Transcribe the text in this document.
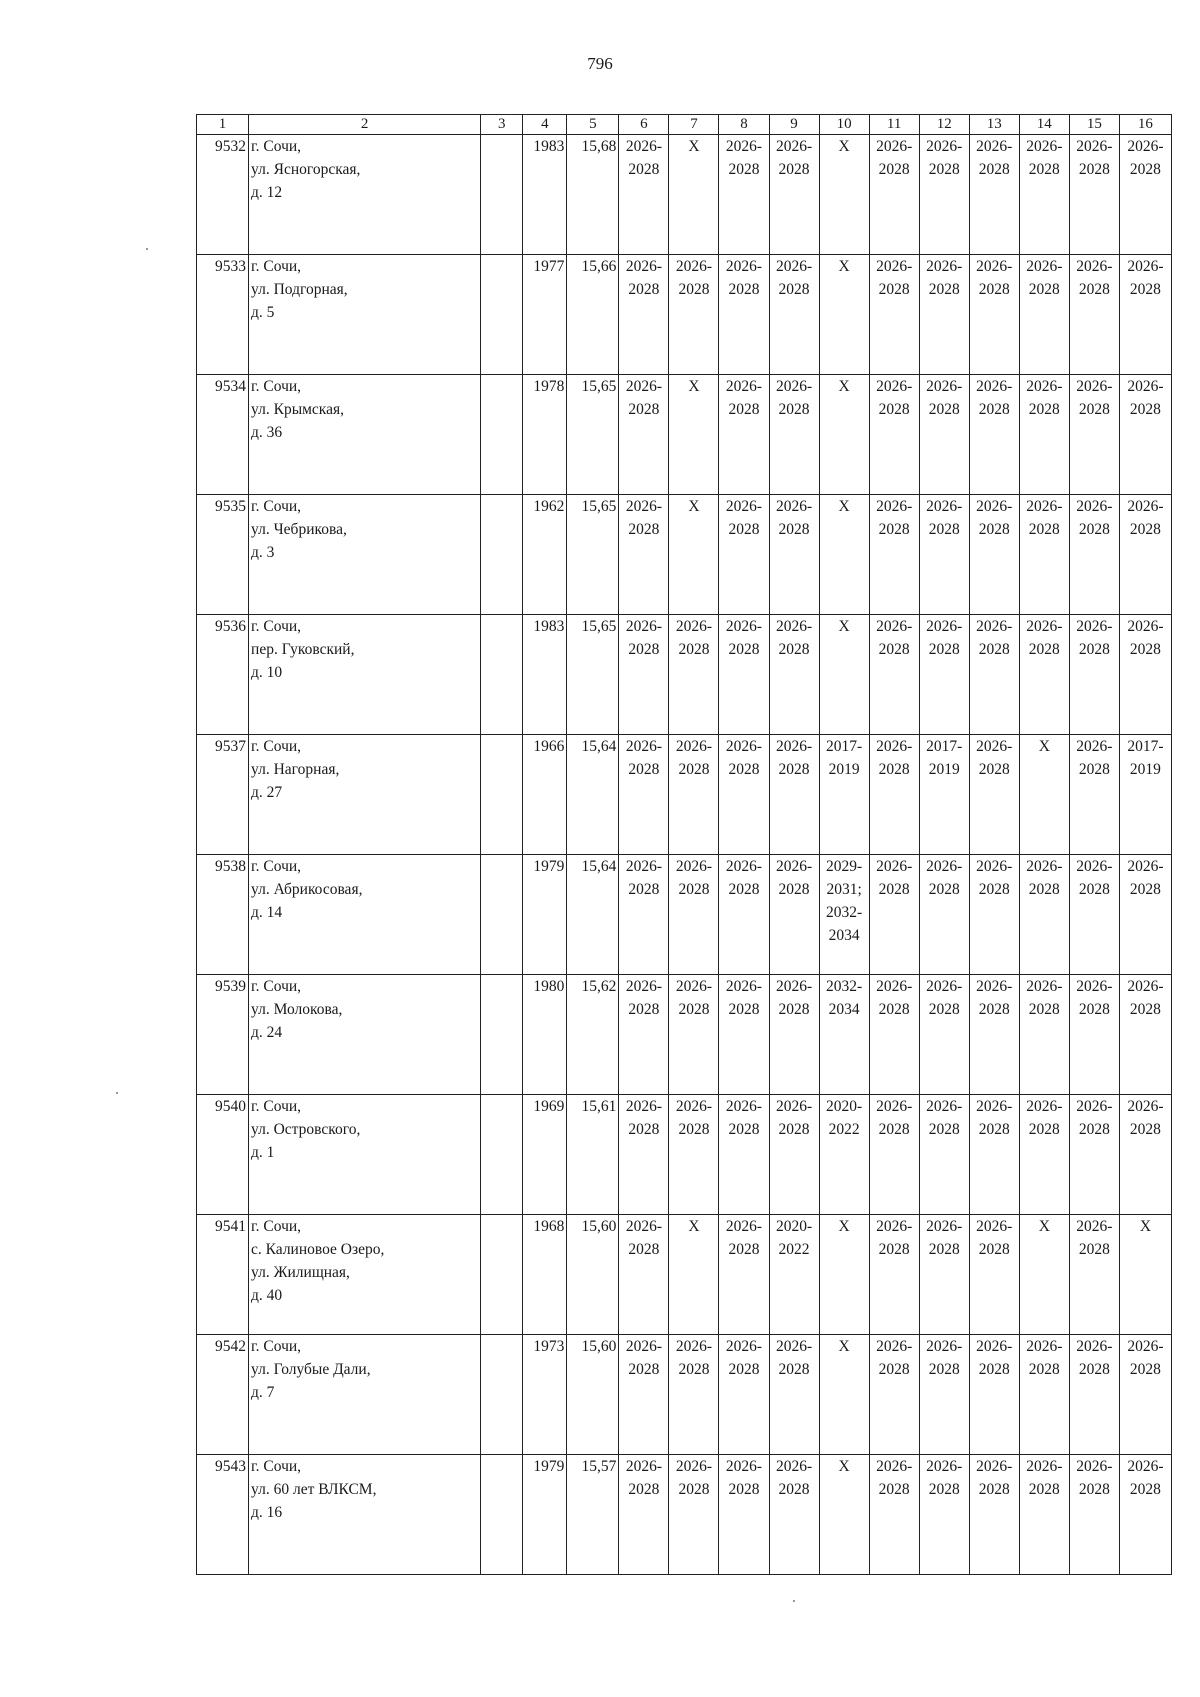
796
1	2	3	4	5	6	7	8	9	10	11	12	13	14	15	16
9532	г. Сочи,
ул. Ясногорская,
д. 12		1983	15,68	2026-
2028	X	2026-
2028	2026-
2028	X	2026-
2028	2026-
2028	2026-
2028	2026-
2028	2026-
2028	2026-
2028
9533	г. Сочи,
ул. Подгорная,
д. 5		1977	15,66	2026-
2028	2026-
2028	2026-
2028	2026-
2028	X	2026-
2028	2026-
2028	2026-
2028	2026-
2028	2026-
2028	2026-
2028
9534	г. Сочи,
ул. Крымская,
д. 36		1978	15,65	2026-
2028	X	2026-
2028	2026-
2028	X	2026-
2028	2026-
2028	2026-
2028	2026-
2028	2026-
2028	2026-
2028
9535	г. Сочи,
ул. Чебрикова,
д. 3		1962	15,65	2026-
2028	X	2026-
2028	2026-
2028	X	2026-
2028	2026-
2028	2026-
2028	2026-
2028	2026-
2028	2026-
2028
9536	г. Сочи,
пер. Гуковский,
д. 10		1983	15,65	2026-
2028	2026-
2028	2026-
2028	2026-
2028	X	2026-
2028	2026-
2028	2026-
2028	2026-
2028	2026-
2028	2026-
2028
9537	г. Сочи,
ул. Нагорная,
д. 27		1966	15,64	2026-
2028	2026-
2028	2026-
2028	2026-
2028	2017-
2019	2026-
2028	2017-
2019	2026-
2028	X	2026-
2028	2017-
2019
9538	г. Сочи,
ул. Абрикосовая,
д. 14		1979	15,64	2026-
2028	2026-
2028	2026-
2028	2026-
2028	2029-
2031;
2032-
2034	2026-
2028	2026-
2028	2026-
2028	2026-
2028	2026-
2028	2026-
2028
9539	г. Сочи,
ул. Молокова,
д. 24		1980	15,62	2026-
2028	2026-
2028	2026-
2028	2026-
2028	2032-
2034	2026-
2028	2026-
2028	2026-
2028	2026-
2028	2026-
2028	2026-
2028
9540	г. Сочи,
ул. Островского,
д. 1		1969	15,61	2026-
2028	2026-
2028	2026-
2028	2026-
2028	2020-
2022	2026-
2028	2026-
2028	2026-
2028	2026-
2028	2026-
2028	2026-
2028
9541	г. Сочи,
с. Калиновое Озеро,
ул. Жилищная,
д. 40		1968	15,60	2026-
2028	X	2026-
2028	2020-
2022	X	2026-
2028	2026-
2028	2026-
2028	X	2026-
2028	X
9542	г. Сочи,
ул. Голубые Дали,
д. 7		1973	15,60	2026-
2028	2026-
2028	2026-
2028	2026-
2028	X	2026-
2028	2026-
2028	2026-
2028	2026-
2028	2026-
2028	2026-
2028
9543	г. Сочи,
ул. 60 лет ВЛКСМ,
д. 16		1979	15,57	2026-
2028	2026-
2028	2026-
2028	2026-
2028	X	2026-
2028	2026-
2028	2026-
2028	2026-
2028	2026-
2028	2026-
2028
